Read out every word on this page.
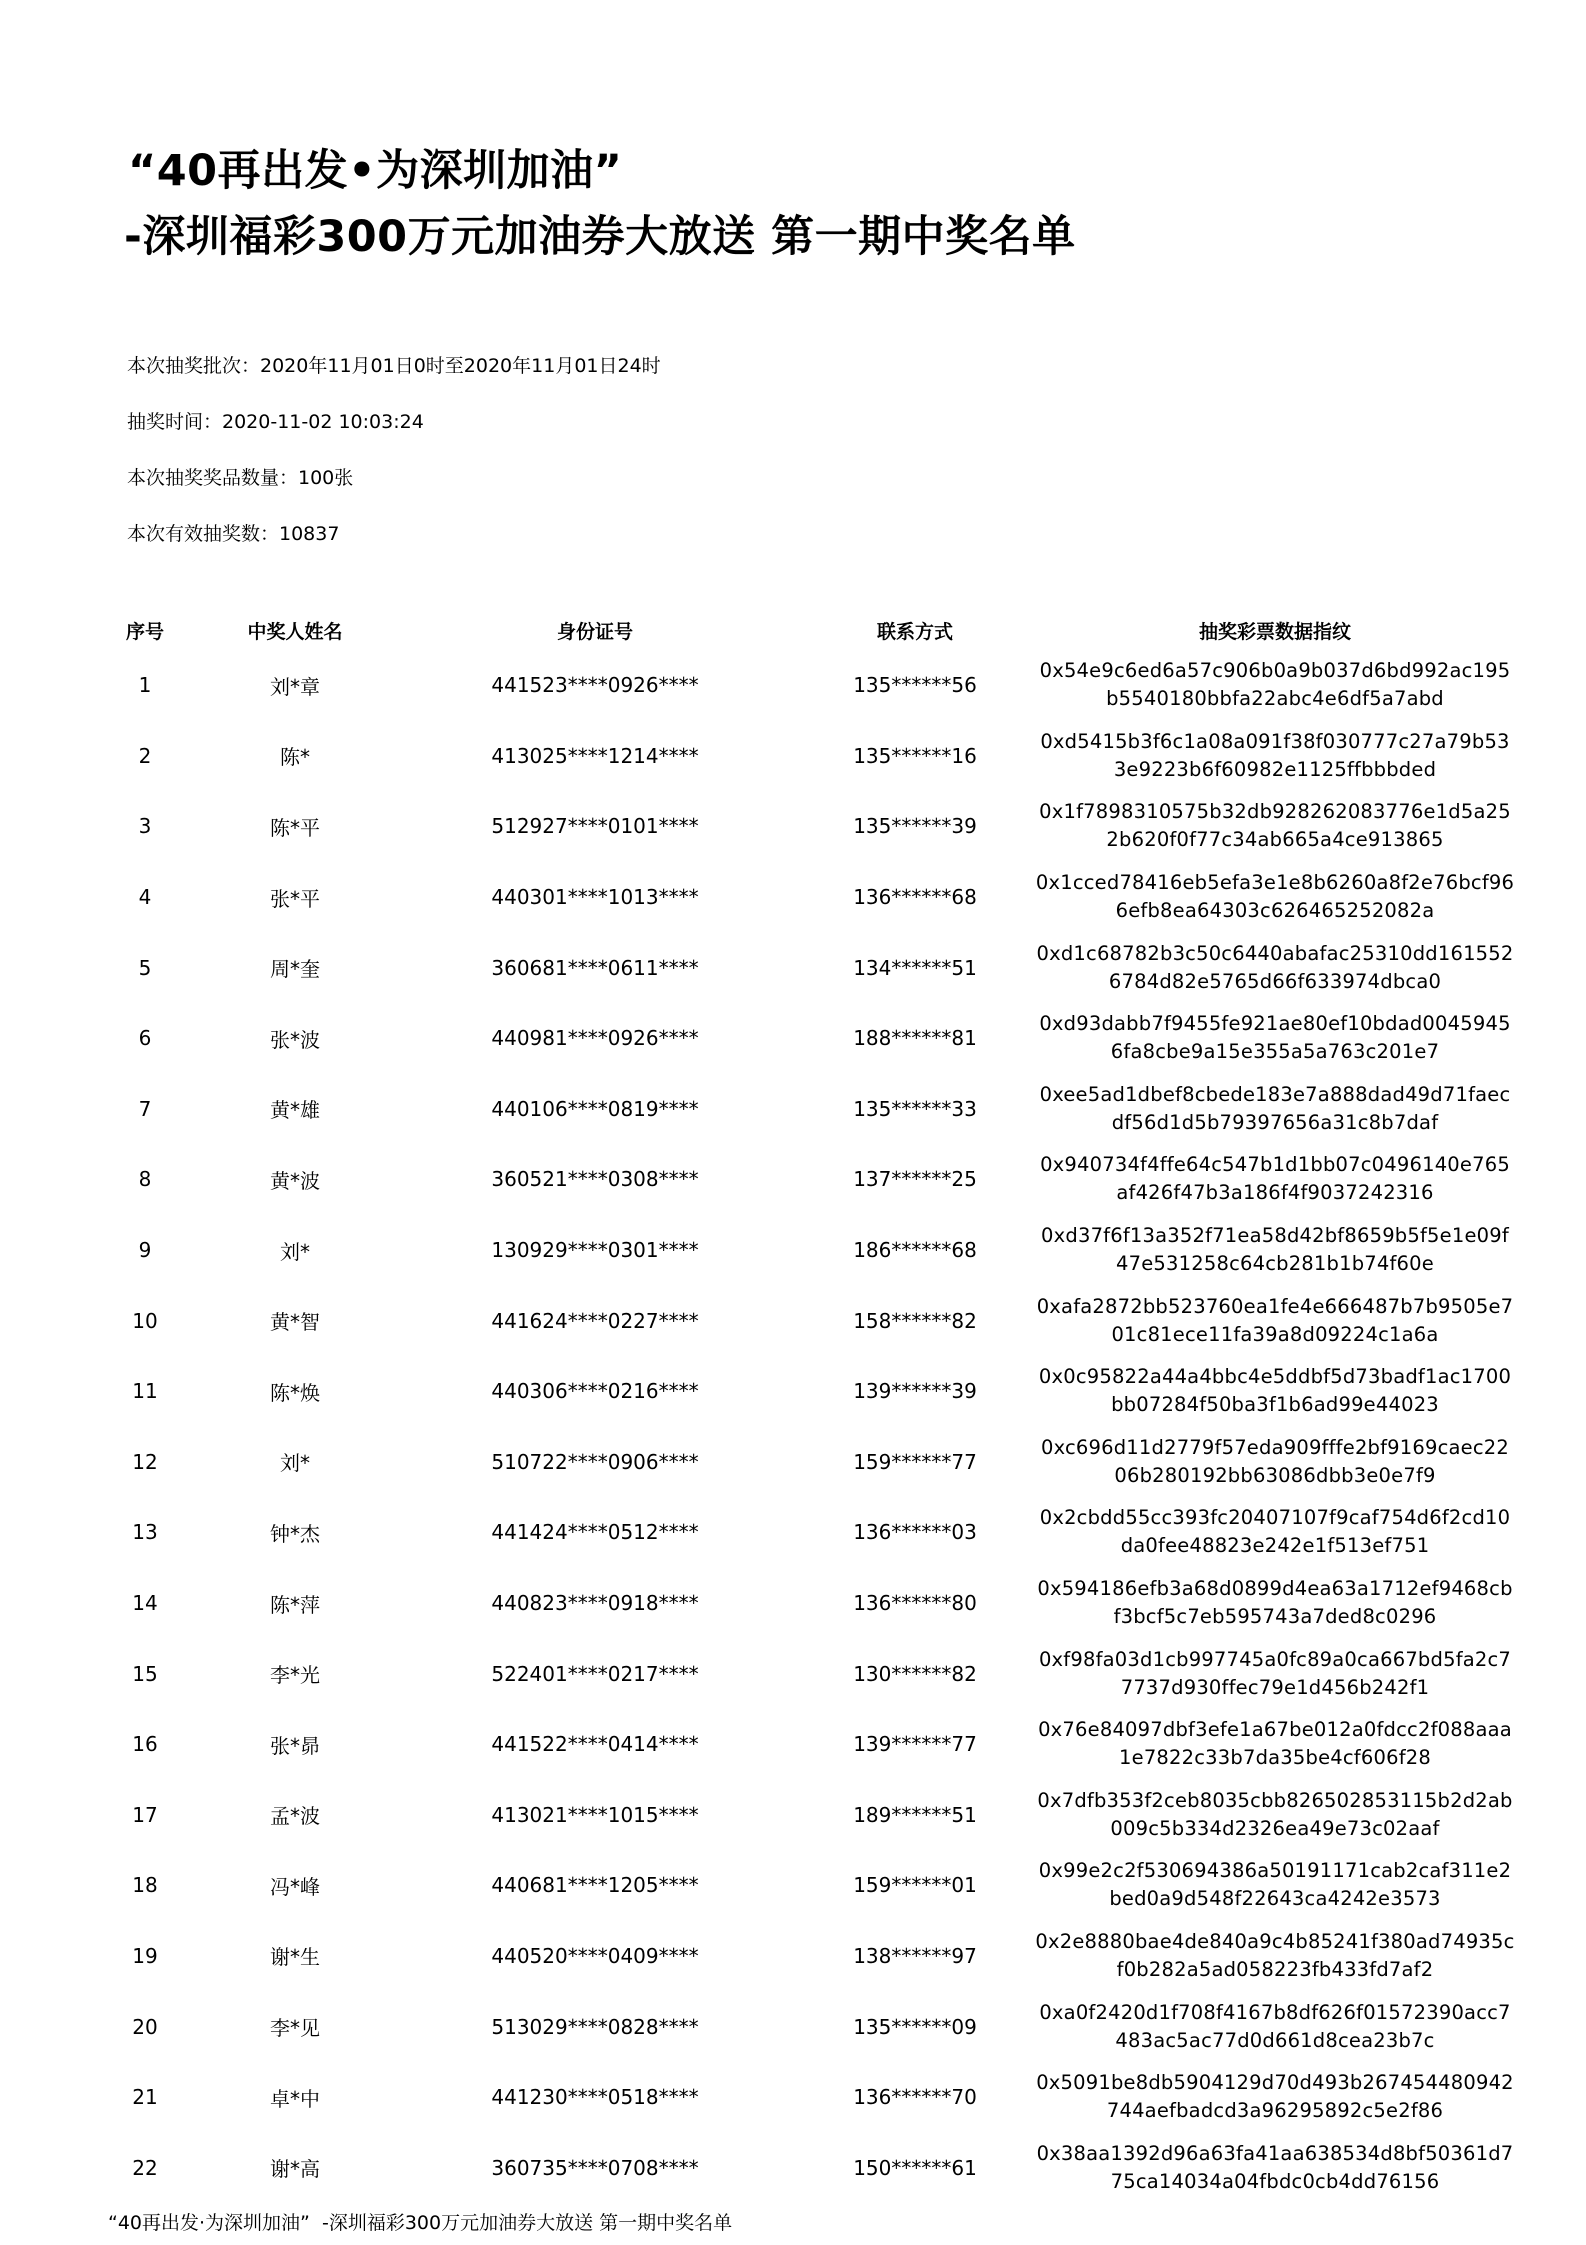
“40再出发•为深圳加油”
-深圳福彩300万元加油券大放送 第一期中奖名单
本次抽奖批次：2020年11月01日0时至2020年11月01日24时
抽奖时间：2020-11-02 10:03:24
本次抽奖奖品数量：100张
本次有效抽奖数：10837
序号	中奖人姓名	身份证号	联系方式	抽奖彩票数据指纹
1	刘*章	441523****0926****	135******56	0x54e9c6ed6a57c906b0a9b037d6bd992ac195b5540180bbfa22abc4e6df5a7abd
2	陈*	413025****1214****	135******16	0xd5415b3f6c1a08a091f38f030777c27a79b533e9223b6f60982e1125ffbbbded
3	陈*平	512927****0101****	135******39	0x1f7898310575b32db928262083776e1d5a252b620f0f77c34ab665a4ce913865
4	张*平	440301****1013****	136******68	0x1cced78416eb5efa3e1e8b6260a8f2e76bcf966efb8ea64303c626465252082a
5	周*奎	360681****0611****	134******51	0xd1c68782b3c50c6440abafac25310dd1615526784d82e5765d66f633974dbca0
6	张*波	440981****0926****	188******81	0xd93dabb7f9455fe921ae80ef10bdad00459456fa8cbe9a15e355a5a763c201e7
7	黄*雄	440106****0819****	135******33	0xee5ad1dbef8cbede183e7a888dad49d71faecdf56d1d5b79397656a31c8b7daf
8	黄*波	360521****0308****	137******25	0x940734f4ffe64c547b1d1bb07c0496140e765af426f47b3a186f4f9037242316
9	刘*	130929****0301****	186******68	0xd37f6f13a352f71ea58d42bf8659b5f5e1e09f47e531258c64cb281b1b74f60e
10	黄*智	441624****0227****	158******82	0xafa2872bb523760ea1fe4e666487b7b9505e701c81ece11fa39a8d09224c1a6a
11	陈*焕	440306****0216****	139******39	0x0c95822a44a4bbc4e5ddbf5d73badf1ac1700bb07284f50ba3f1b6ad99e44023
12	刘*	510722****0906****	159******77	0xc696d11d2779f57eda909fffe2bf9169caec2206b280192bb63086dbb3e0e7f9
13	钟*杰	441424****0512****	136******03	0x2cbdd55cc393fc20407107f9caf754d6f2cd10da0fee48823e242e1f513ef751
14	陈*萍	440823****0918****	136******80	0x594186efb3a68d0899d4ea63a1712ef9468cbf3bcf5c7eb595743a7ded8c0296
15	李*光	522401****0217****	130******82	0xf98fa03d1cb997745a0fc89a0ca667bd5fa2c77737d930ffec79e1d456b242f1
16	张*昴	441522****0414****	139******77	0x76e84097dbf3efe1a67be012a0fdcc2f088aaa1e7822c33b7da35be4cf606f28
17	孟*波	413021****1015****	189******51	0x7dfb353f2ceb8035cbb826502853115b2d2ab009c5b334d2326ea49e73c02aaf
18	冯*峰	440681****1205****	159******01	0x99e2c2f530694386a50191171cab2caf311e2bed0a9d548f22643ca4242e3573
19	谢*生	440520****0409****	138******97	0x2e8880bae4de840a9c4b85241f380ad74935cf0b282a5ad058223fb433fd7af2
20	李*见	513029****0828****	135******09	0xa0f2420d1f708f4167b8df626f01572390acc7483ac5ac77d0d661d8cea23b7c
21	卓*中	441230****0518****	136******70	0x5091be8db5904129d70d493b267454480942744aefbadcd3a96295892c5e2f86
22	谢*高	360735****0708****	150******61	0x38aa1392d96a63fa41aa638534d8bf50361d775ca14034a04fbdc0cb4dd76156
“40再出发·为深圳加油”  -深圳福彩300万元加油券大放送 第一期中奖名单
